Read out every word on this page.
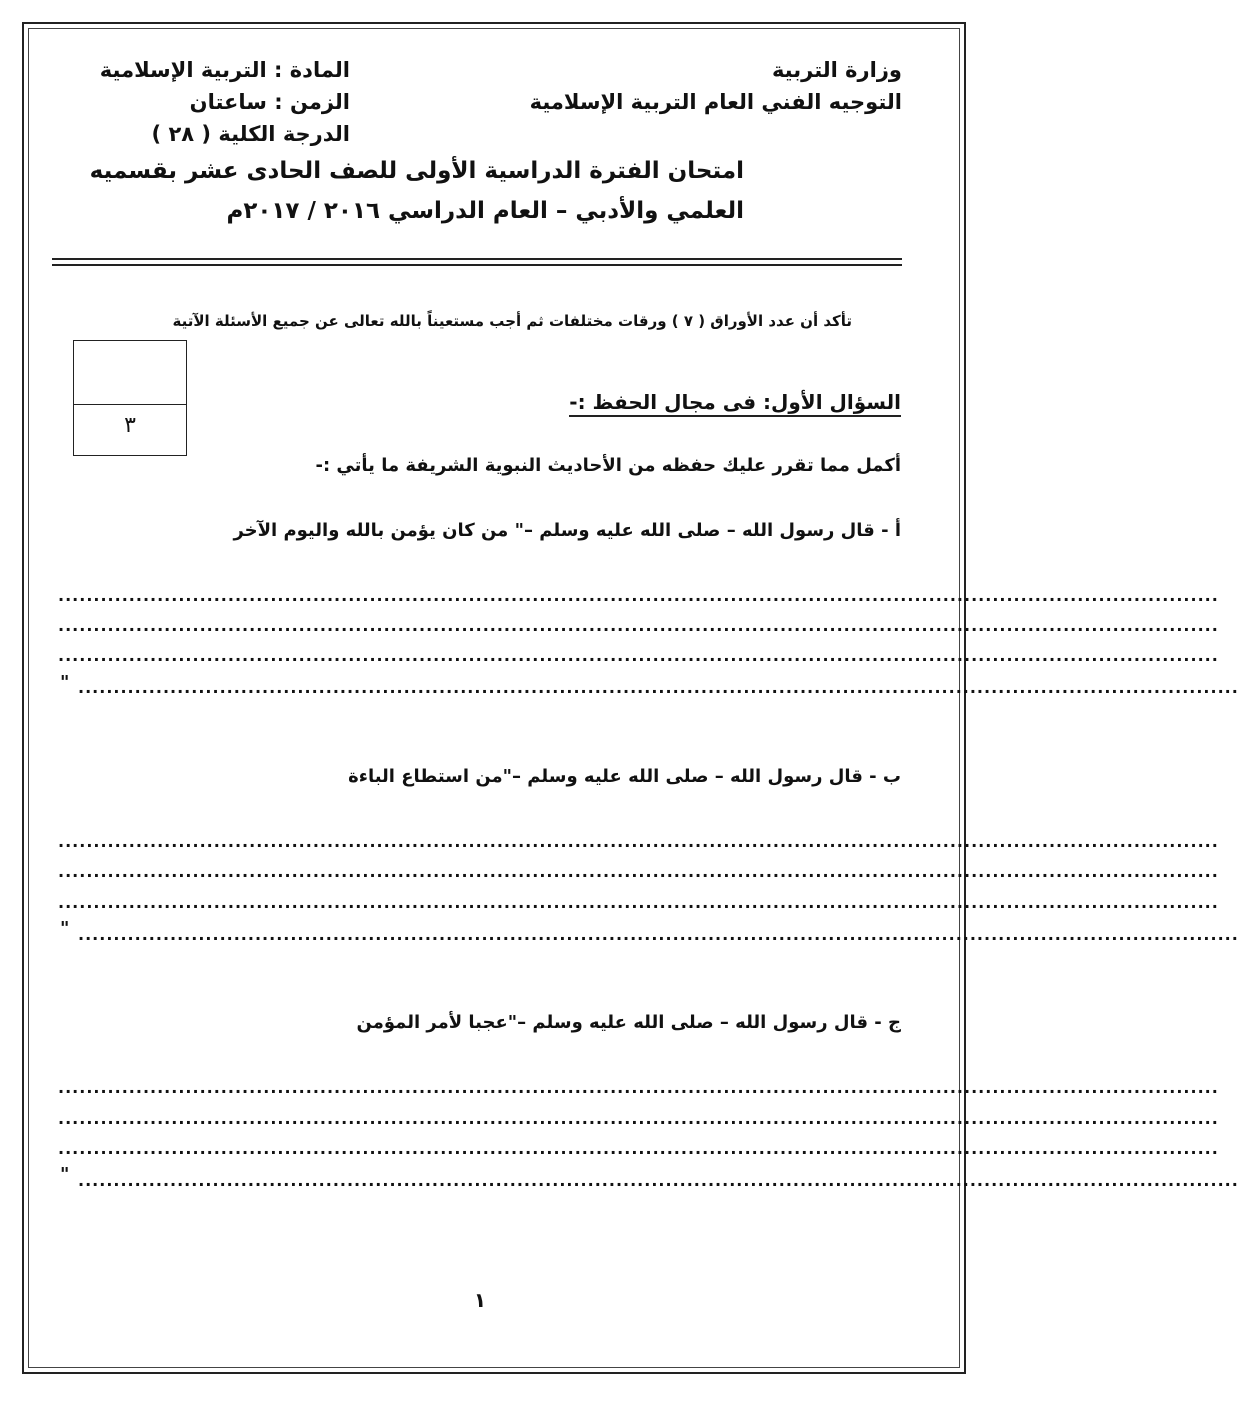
وزارة التربية
التوجيه الفني العام التربية الإسلامية
المادة : التربية الإسلامية
الزمن : ساعتان
الدرجة الكلية ( ٢٨ )
امتحان الفترة الدراسية الأولى للصف الحادى عشر بقسميه
العلمي والأدبي – العام الدراسي ٢٠١٦ / ٢٠١٧م
تأكد أن عدد الأوراق ( ٧ ) ورقات مختلفات ثم أجب مستعيناً بالله تعالى عن جميع الأسئلة الآتية
٣
السؤال الأول: فى مجال الحفظ :-
أكمل مما تقرر عليك حفظه من الأحاديث النبوية الشريفة ما يأتي :-
أ - قال رسول الله – صلى الله عليه وسلم –" من كان يؤمن بالله واليوم الآخر
....................................................................................................................................................................
....................................................................................................................................................................
....................................................................................................................................................................
....................................................................................................................................................................
"
ب - قال رسول الله – صلى الله عليه وسلم –"من استطاع الباءة
....................................................................................................................................................................
....................................................................................................................................................................
....................................................................................................................................................................
....................................................................................................................................................................
"
ج - قال رسول الله – صلى الله عليه وسلم –"عجبا لأمر المؤمن
....................................................................................................................................................................
....................................................................................................................................................................
....................................................................................................................................................................
....................................................................................................................................................................
"
١
